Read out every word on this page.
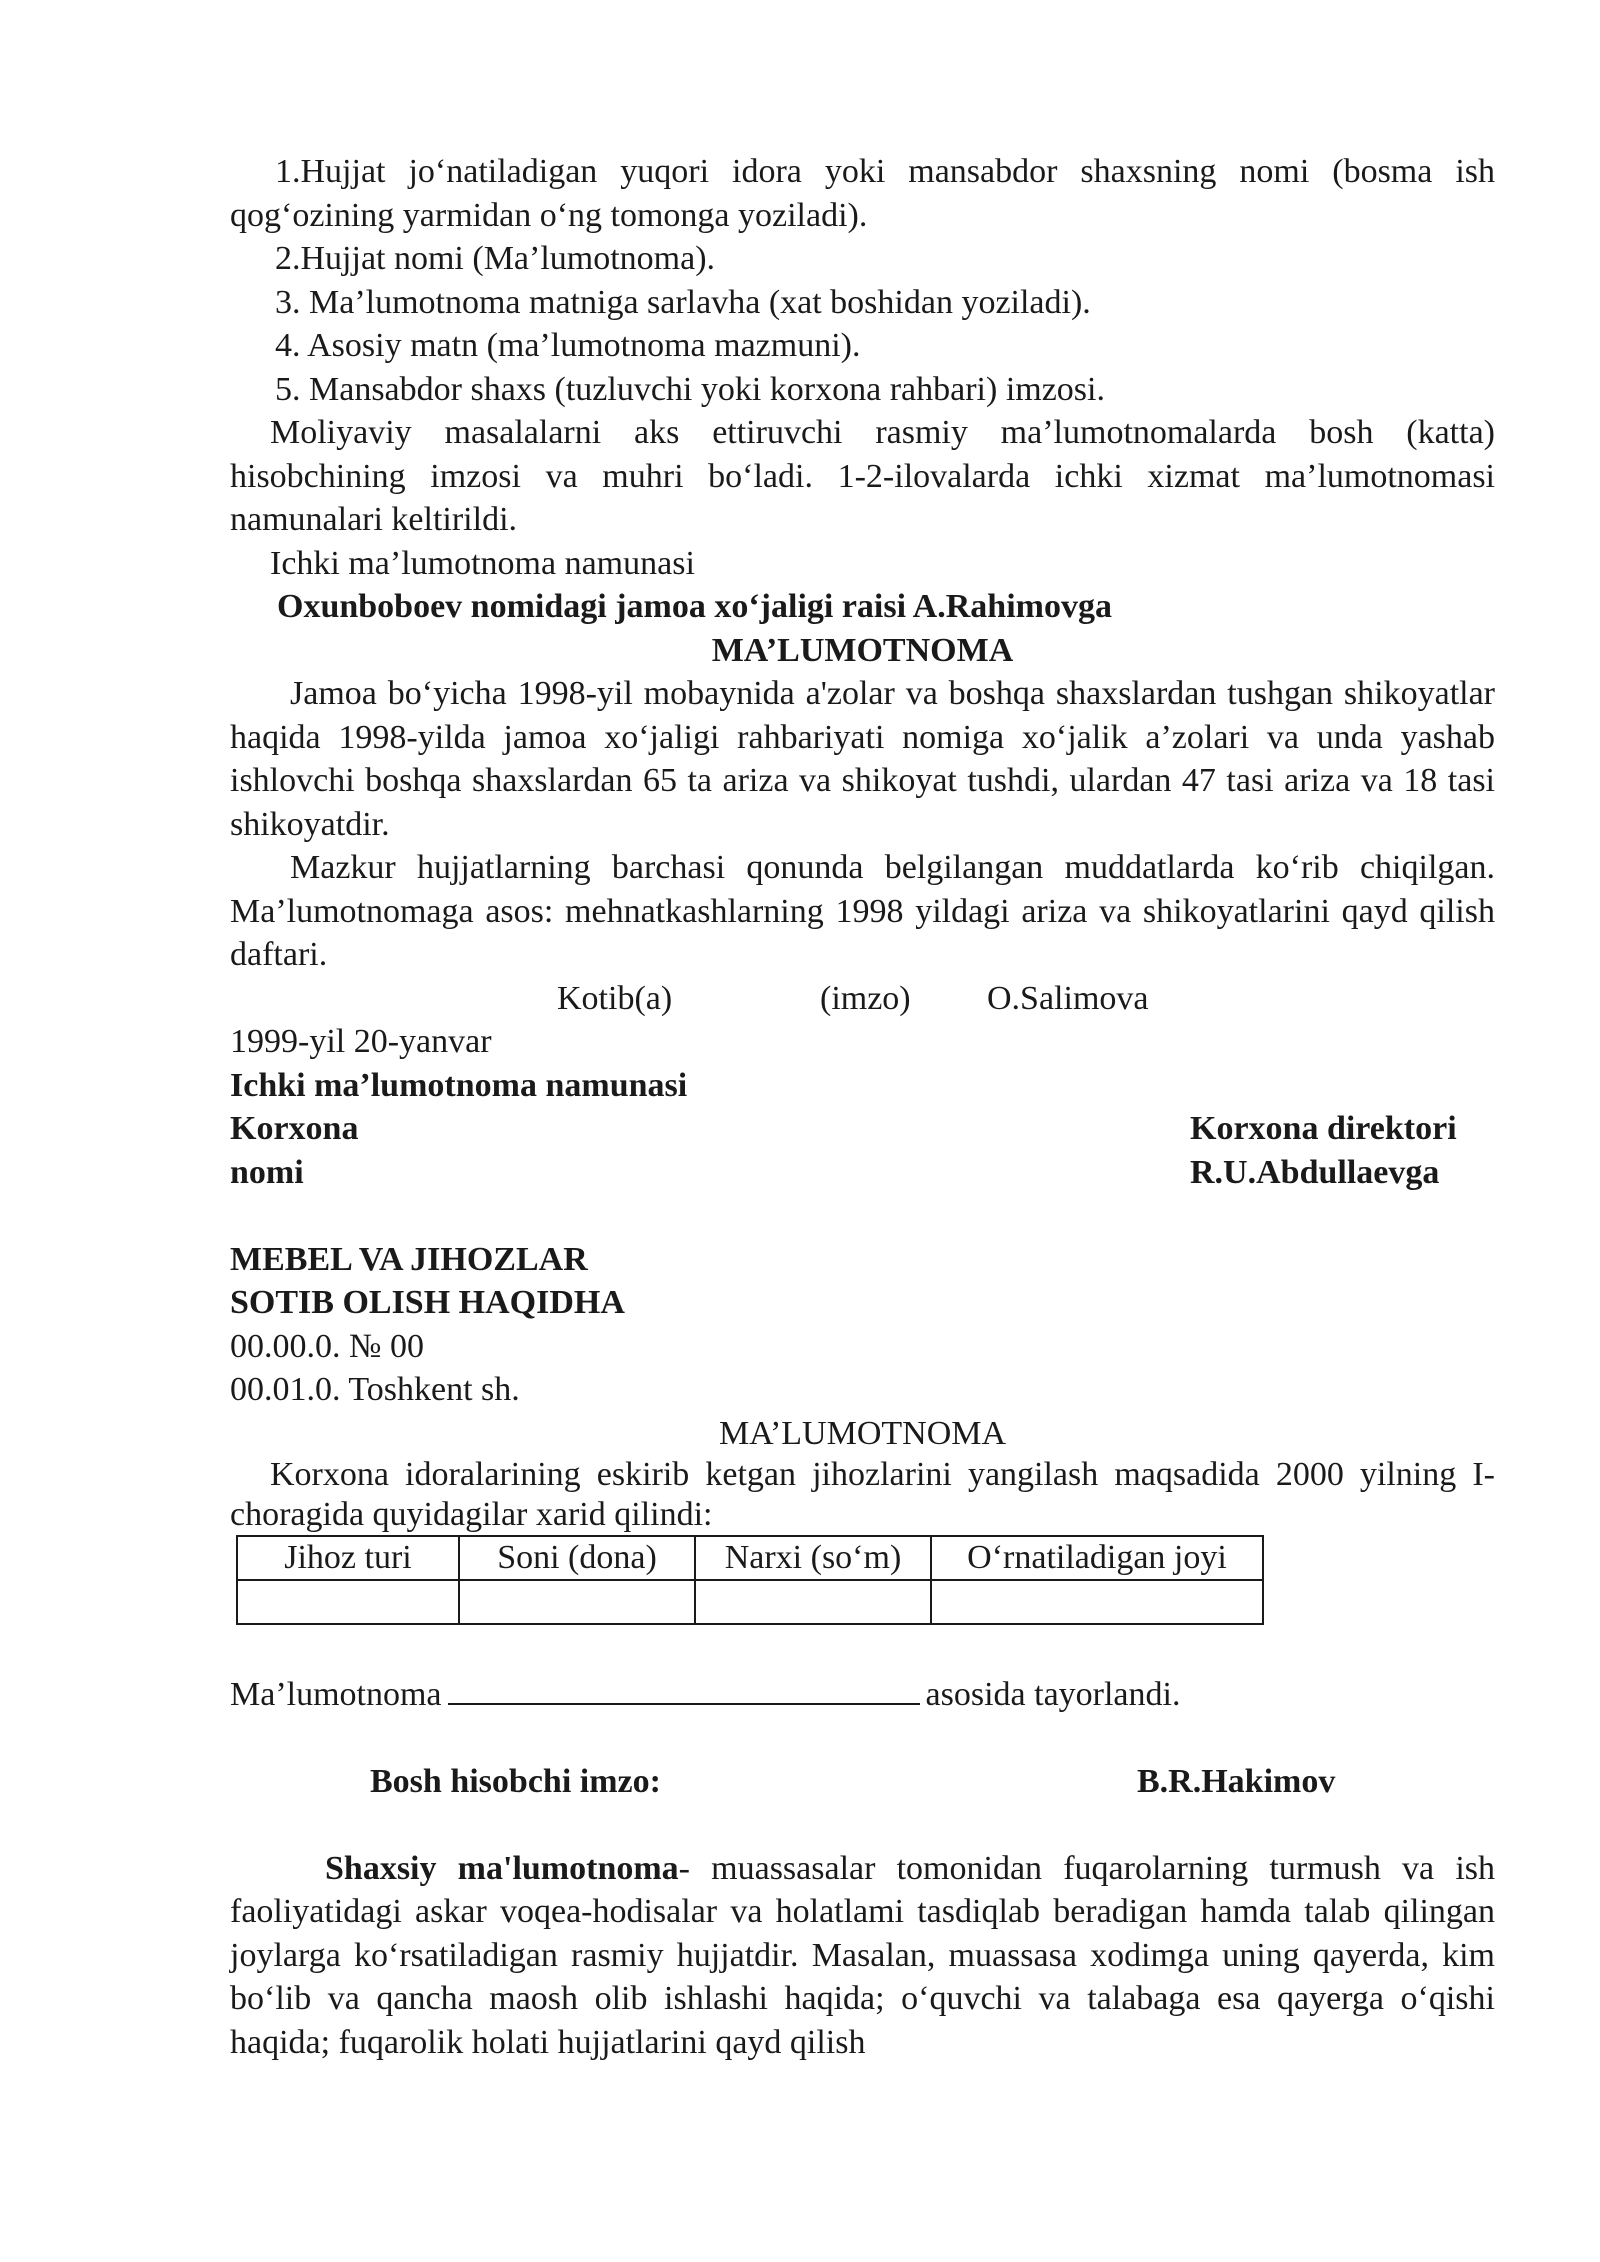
1.Hujjat jo‘natiladigan yuqori idora yoki mansabdor shaxsning nomi (bosma ish qog‘ozining yarmidan o‘ng tomonga yoziladi).

2.Hujjat nomi (Ma’lumotnoma).

3. Ma’lumotnoma matniga sarlavha (xat boshidan yoziladi).

4. Asosiy matn (ma’lumotnoma mazmuni).

5. Mansabdor shaxs (tuzluvchi yoki korxona rahbari) imzosi.

Moliyaviy masalalarni aks ettiruvchi rasmiy ma’lumotnomalarda bosh (katta) hisobchining imzosi va muhri bo‘ladi. 1-2-ilovalarda ichki xizmat ma’lumotnomasi namunalari keltirildi.

Ichki ma’lumotnoma namunasi

Oxunboboev nomidagi jamoa xo‘jaligi raisi A.Rahimovga

MA’LUMOTNOMA

Jamoa bo‘yicha 1998-yil mobaynida a'zolar va boshqa shaxslardan tushgan shikoyatlar haqida 1998-yilda jamoa xo‘jaligi rahbariyati nomiga xo‘jalik a’zolari va unda yashab ishlovchi boshqa shaxslardan 65 ta ariza va shikoyat tushdi, ulardan 47 tasi ariza va 18 tasi shikoyatdir.

Mazkur hujjatlarning barchasi qonunda belgilangan muddatlarda ko‘rib chiqilgan. Ma’lumotnomaga asos: mehnatkashlarning 1998 yildagi ariza va shikoyatlarini qayd qilish daftari.

Kotib(a)	(imzo) O.Salimova

1999-yil 20-yanvar

Ichki ma’lumotnoma namunasi

Korxona	Korxona direktori
nomi	R.U.Abdullaevga

MEBEL VA JIHOZLAR

SOTIB OLISH HAQIDHA

00.00.0. № 00

00.01.0. Toshkent sh.

MA’LUMOTNOMA

Korxona idoralarining eskirib ketgan jihozlarini yangilash maqsadida 2000 yilning I-choragida quyidagilar xarid qilindi:

Jihoz turi	Soni (dona)	Narxi (so‘m)	O‘rnatiladigan joyi

Ma’lumotnoma	asosida tayorlandi.

Bosh hisobchi imzo:	B.R.Hakimov

Shaxsiy ma'lumotnoma- muassasalar tomonidan fuqarolarning turmush va ish faoliyatidagi askar voqea-hodisalar va holatlami tasdiqlab beradigan hamda talab qilingan joylarga ko‘rsatiladigan rasmiy hujjatdir. Masalan, muassasa xodimga uning qayerda, kim bo‘lib va qancha maosh olib ishlashi haqida; o‘quvchi va talabaga esa qayerga o‘qishi haqida; fuqarolik holati hujjatlarini qayd qilish
